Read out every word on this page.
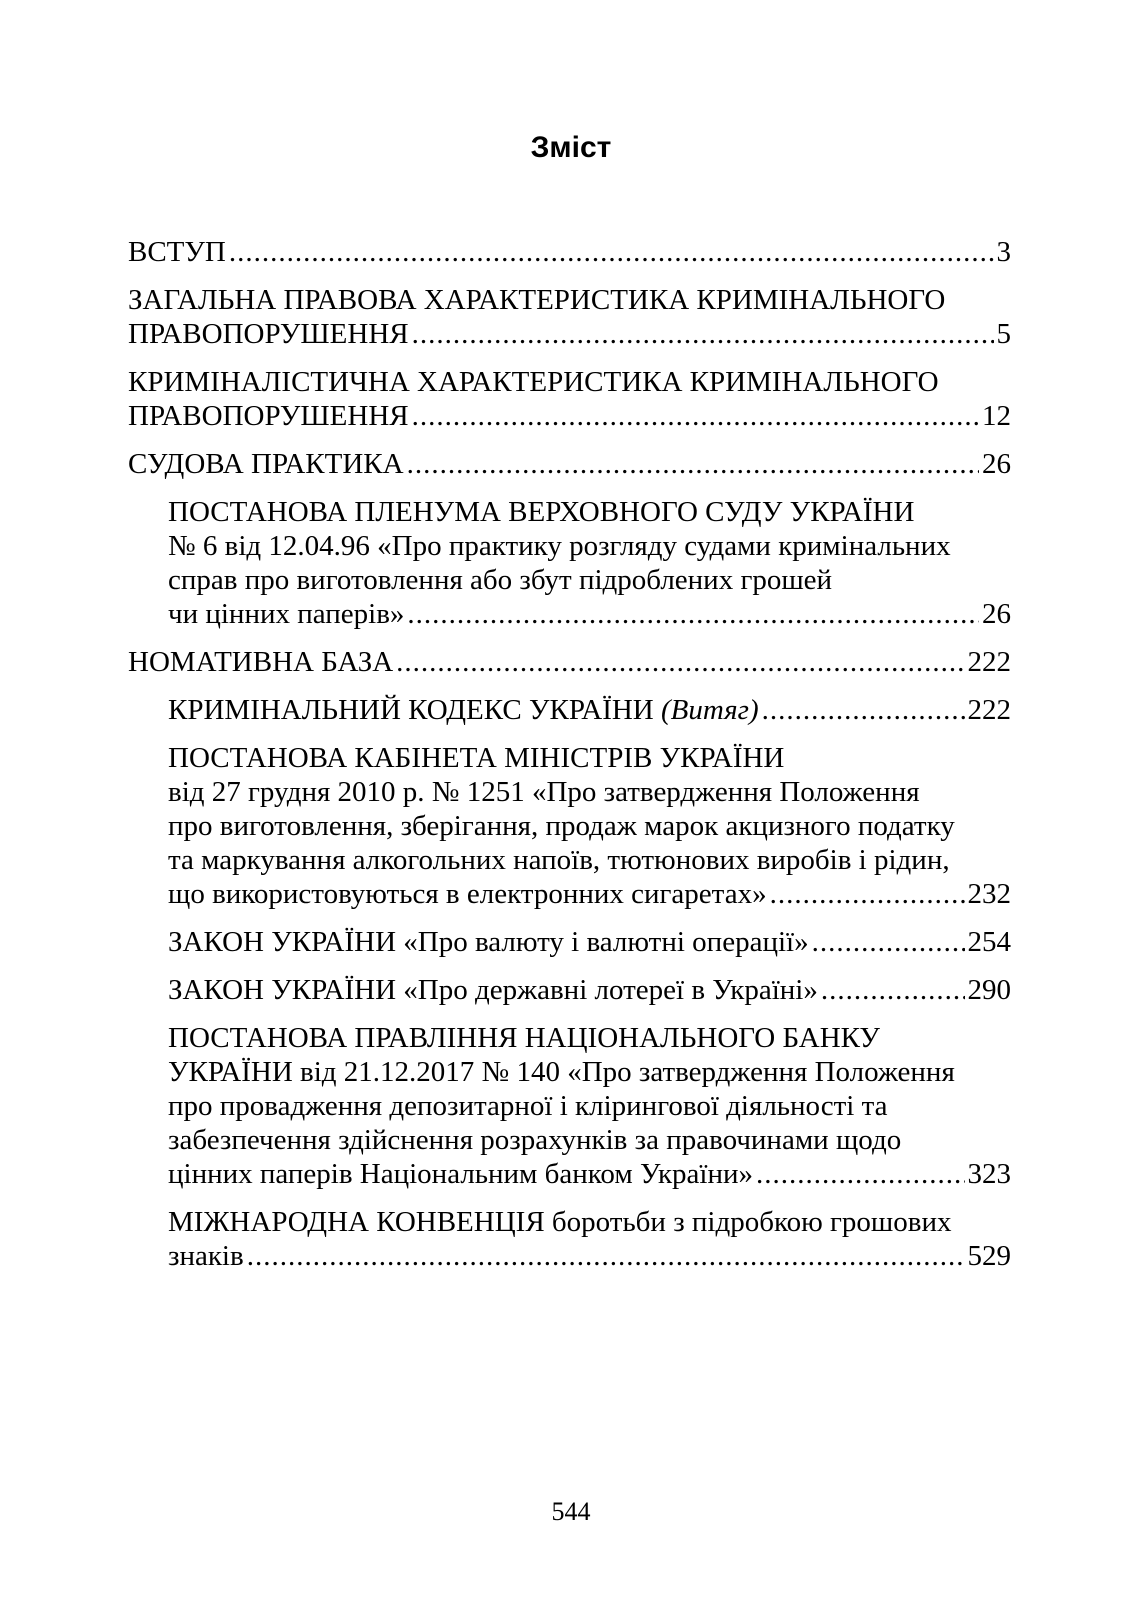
Зміст
ВСТУП .....	3
ЗАГАЛЬНА ПРАВОВА ХАРАКТЕРИСТИКА КРИМІНАЛЬНОГО
ПРАВОПОРУШЕННЯ .....	5
КРИМІНАЛІСТИЧНА ХАРАКТЕРИСТИКА КРИМІНАЛЬНОГО
ПРАВОПОРУШЕННЯ .....	12
СУДОВА ПРАКТИКА .....	26
ПОСТАНОВА ПЛЕНУМА ВЕРХОВНОГО СУДУ УКРАЇНИ
№ 6 від 12.04.96 «Про практику розгляду судами кримінальних
справ про виготовлення або збут підроблених грошей
чи цінних паперів» .....	26
НОМАТИВНА БАЗА .....	222
КРИМІНАЛЬНИЙ КОДЕКС УКРАЇНИ (Витяг) .....	222
ПОСТАНОВА КАБІНЕТА МІНІСТРІВ УКРАЇНИ
від 27 грудня 2010 р. № 1251 «Про затвердження Положення
про виготовлення, зберігання, продаж марок акцизного податку
та маркування алкогольних напоїв, тютюнових виробів і рідин,
що використовуються в електронних сигаретах» .....	232
ЗАКОН УКРАЇНИ «Про валюту і валютні операції» .....	254
ЗАКОН УКРАЇНИ «Про державні лотереї в Україні» .....	290
ПОСТАНОВА ПРАВЛІННЯ НАЦІОНАЛЬНОГО БАНКУ
УКРАЇНИ від 21.12.2017 № 140 «Про затвердження Положення
про провадження депозитарної і клірингової діяльності та
забезпечення здійснення розрахунків за правочинами щодо
цінних паперів Національним банком України» .....	323
МІЖНАРОДНА КОНВЕНЦІЯ боротьби з підробкою грошових
знаків .....	529
544
